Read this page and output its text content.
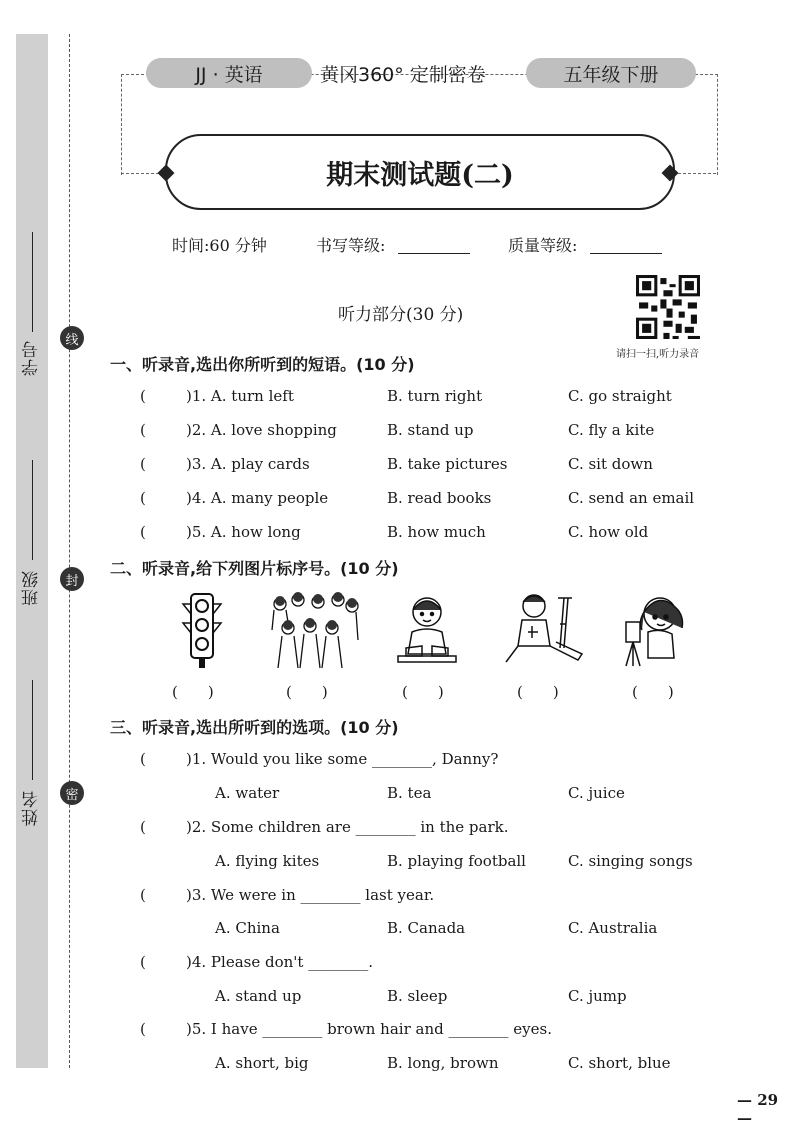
学号
班级
姓名
线
封
密
JJ · 英语	黄冈360° 定制密卷	五年级下册
期末测试题(二)
时间:60 分钟	书写等级:	质量等级:
请扫一扫,听力录音
听力部分(30 分)
一、听录音,选出你所听到的短语。(10 分)
(	)1. A. turn left	B. turn right	C. go straight
(	)2. A. love shopping	B. stand up	C. fly a kite
(	)3. A. play cards	B. take pictures	C. sit down
(	)4. A. many people	B. read books	C. send an email
(	)5. A. how long	B. how much	C. how old
二、听录音,给下列图片标序号。(10 分)
(　　)	(　　)	(　　)	(　　)	(　　)
三、听录音,选出所听到的选项。(10 分)
(	)1. Would you like some ________, Danny?
A. water	B. tea	C. juice
(	)2. Some children are ________ in the park.
A. flying kites	B. playing football	C. singing songs
(	)3. We were in ________ last year.
A. China	B. Canada	C. Australia
(	)4. Please don't ________.
A. stand up	B. sleep	C. jump
(	)5. I have ________ brown hair and ________ eyes.
A. short, big	B. long, brown	C. short, blue
— 29 —
